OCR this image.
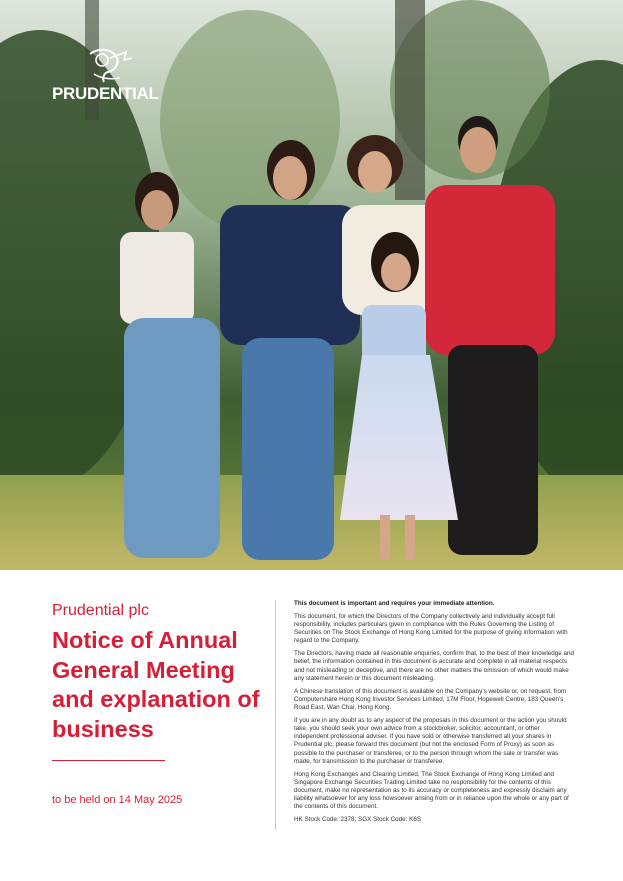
PRUDENTIAL
Prudential plc
Notice of Annual General Meeting and explanation of business
to be held on 14 May 2025

This document is important and requires your immediate attention.

This document, for which the Directors of the Company collectively and individually accept full responsibility, includes particulars given in compliance with the Rules Governing the Listing of Securities on The Stock Exchange of Hong Kong Limited for the purpose of giving information with regard to the Company.

The Directors, having made all reasonable enquiries, confirm that, to the best of their knowledge and belief, the information contained in this document is accurate and complete in all material respects and not misleading or deceptive, and there are no other matters the omission of which would make any statement herein or this document misleading.

A Chinese translation of this document is available on the Company’s website or, on request, from Computershare Hong Kong Investor Services Limited, 17M Floor, Hopewell Centre, 183 Queen’s Road East, Wan Chai, Hong Kong.

If you are in any doubt as to any aspect of the proposals in this document or the action you should take, you should seek your own advice from a stockbroker, solicitor, accountant, or other independent professional adviser. If you have sold or otherwise transferred all your shares in Prudential plc, please forward this document (but not the enclosed Form of Proxy) as soon as possible to the purchaser or transferee, or to the person through whom the sale or transfer was made, for transmission to the purchaser or transferee.

Hong Kong Exchanges and Clearing Limited, The Stock Exchange of Hong Kong Limited and Singapore Exchange Securities Trading Limited take no responsibility for the contents of this document, make no representation as to its accuracy or completeness and expressly disclaim any liability whatsoever for any loss howsoever arising from or in reliance upon the whole or any part of the contents of this document.

HK Stock Code: 2378; SGX Stock Code: K6S
